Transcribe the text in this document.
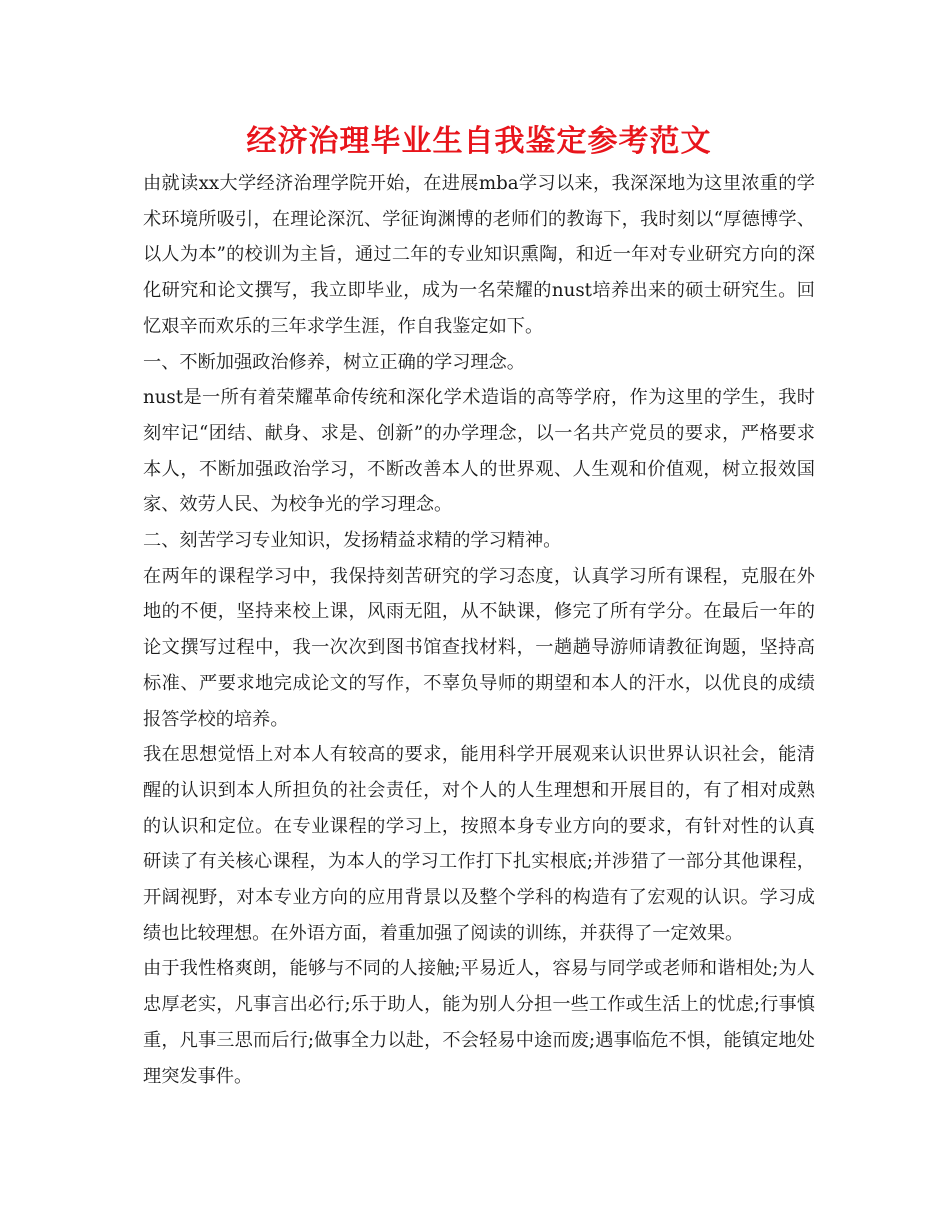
经济治理毕业生自我鉴定参考范文

由就读xx大学经济治理学院开始，在进展mba学习以来，我深深地为这里浓重的学术环境所吸引，在理论深沉、学征询渊博的老师们的教诲下，我时刻以“厚德博学、以人为本”的校训为主旨，通过二年的专业知识熏陶，和近一年对专业研究方向的深化研究和论文撰写，我立即毕业，成为一名荣耀的nust培养出来的硕士研究生。回忆艰辛而欢乐的三年求学生涯，作自我鉴定如下。

一、不断加强政治修养，树立正确的学习理念。

nust是一所有着荣耀革命传统和深化学术造诣的高等学府，作为这里的学生，我时刻牢记“团结、献身、求是、创新”的办学理念，以一名共产党员的要求，严格要求本人，不断加强政治学习，不断改善本人的世界观、人生观和价值观，树立报效国家、效劳人民、为校争光的学习理念。

二、刻苦学习专业知识，发扬精益求精的学习精神。

在两年的课程学习中，我保持刻苦研究的学习态度，认真学习所有课程，克服在外地的不便，坚持来校上课，风雨无阻，从不缺课，修完了所有学分。在最后一年的论文撰写过程中，我一次次到图书馆查找材料，一趟趟导游师请教征询题，坚持高标准、严要求地完成论文的写作，不辜负导师的期望和本人的汗水，以优良的成绩报答学校的培养。

我在思想觉悟上对本人有较高的要求，能用科学开展观来认识世界认识社会，能清醒的认识到本人所担负的社会责任，对个人的人生理想和开展目的，有了相对成熟的认识和定位。在专业课程的学习上，按照本身专业方向的要求，有针对性的认真研读了有关核心课程，为本人的学习工作打下扎实根底;并涉猎了一部分其他课程，开阔视野，对本专业方向的应用背景以及整个学科的构造有了宏观的认识。学习成绩也比较理想。在外语方面，着重加强了阅读的训练，并获得了一定效果。

由于我性格爽朗，能够与不同的人接触;平易近人，容易与同学或老师和谐相处;为人忠厚老实，凡事言出必行;乐于助人，能为别人分担一些工作或生活上的忧虑;行事慎重，凡事三思而后行;做事全力以赴，不会轻易中途而废;遇事临危不惧，能镇定地处理突发事件。
